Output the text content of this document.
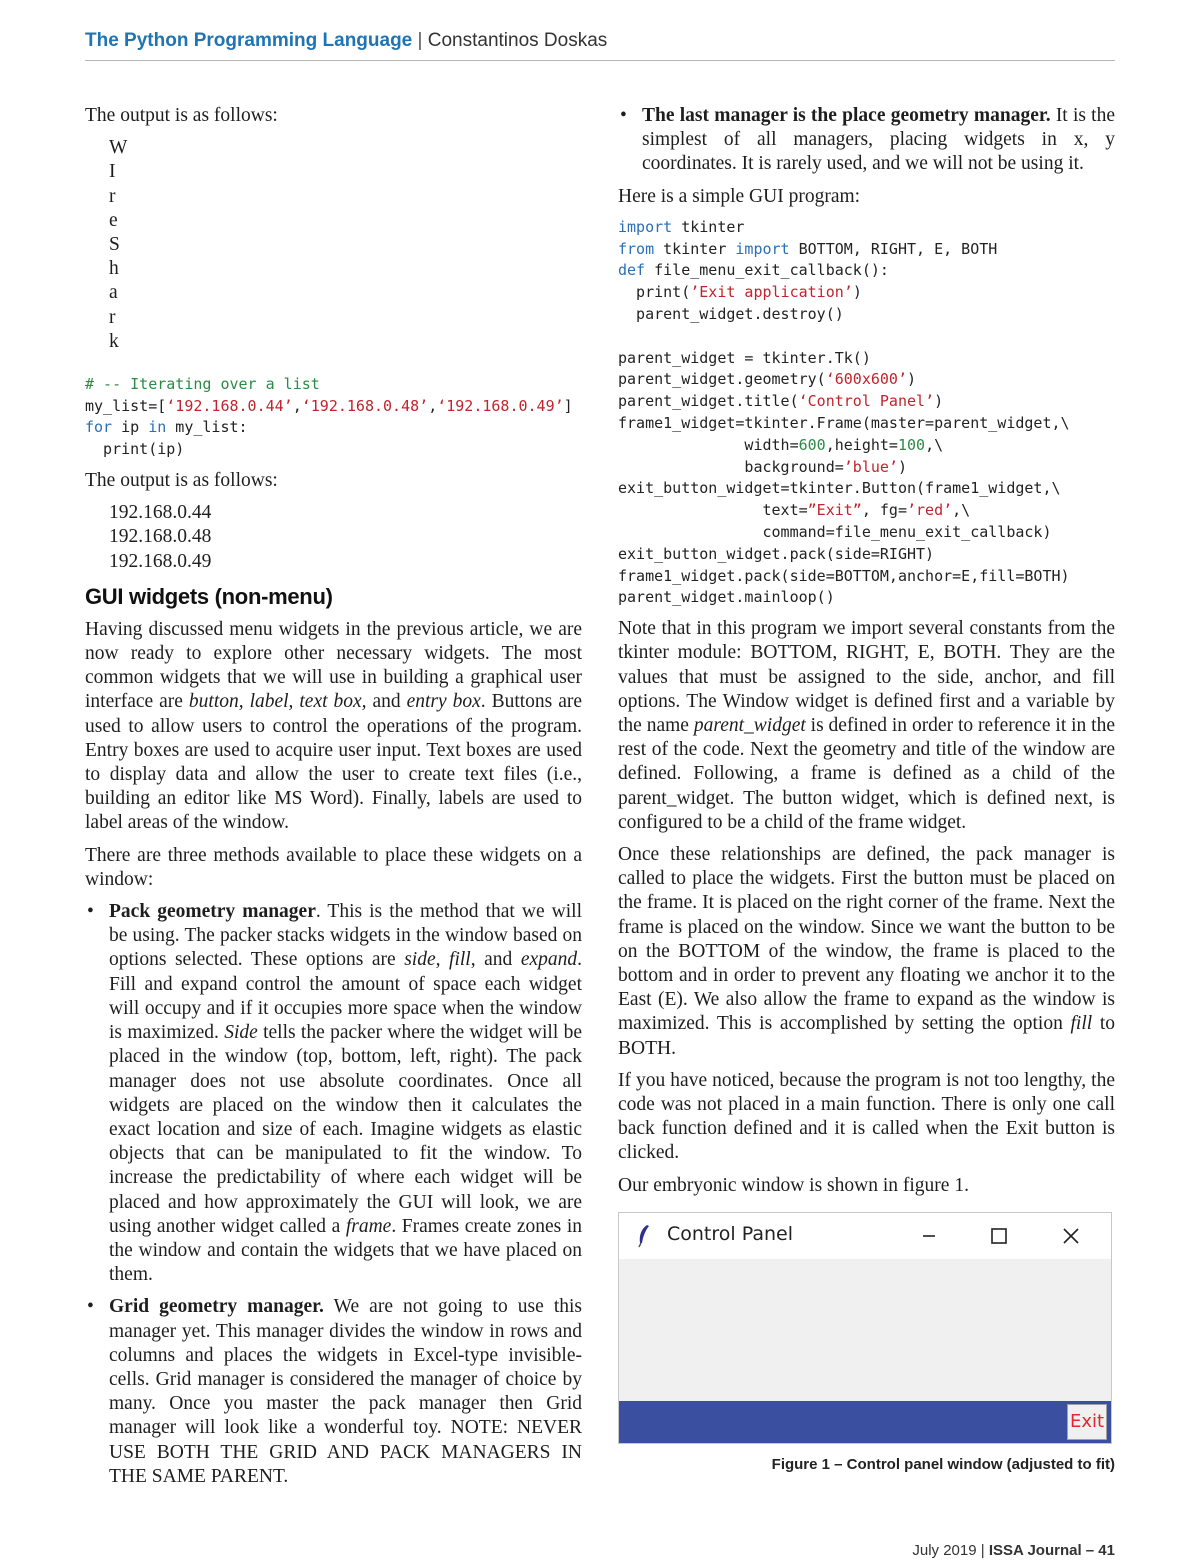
The Python Programming Language | Constantinos Doskas

The output is as follows:

W
I
r
e
S
h
a
r
k
# -- Iterating over a list
my_list=[‘192.168.0.44’,‘192.168.0.48’,‘192.168.0.49’]
for ip in my_list:
print(ip)

The output is as follows:

192.168.0.44
192.168.0.48
192.168.0.49
GUI widgets (non-menu)

Having discussed menu widgets in the previous article, we are now ready to explore other necessary widgets. The most common widgets that we will use in building a graphical user interface are button, label, text box, and entry box. Buttons are used to allow users to control the operations of the program. Entry boxes are used to acquire user input. Text boxes are used to display data and allow the user to create text files (i.e., building an editor like MS Word). Finally, labels are used to label areas of the window.

There are three methods available to place these widgets on a window:

• Pack geometry manager. This is the method that we will be using. The packer stacks widgets in the window based on options selected. These options are side, fill, and expand. Fill and expand control the amount of space each widget will occupy and if it occupies more space when the window is maximized. Side tells the packer where the widget will be placed in the window (top, bottom, left, right). The pack manager does not use absolute coordinates. Once all widgets are placed on the window then it calculates the exact location and size of each. Imagine widgets as elastic objects that can be manipulated to fit the window. To increase the predictability of where each widget will be placed and how approximately the GUI will look, we are using another widget called a frame. Frames create zones in the window and contain the widgets that we have placed on them.

• Grid geometry manager. We are not going to use this manager yet. This manager divides the window in rows and columns and places the widgets in Excel-type invisible-cells. Grid manager is considered the manager of choice by many. Once you master the pack manager then Grid manager will look like a wonderful toy. NOTE: NEVER USE BOTH THE GRID AND PACK MANAGERS IN THE SAME PARENT.

• The last manager is the place geometry manager. It is the simplest of all managers, placing widgets in x, y coordinates. It is rarely used, and we will not be using it.

Here is a simple GUI program:

import tkinter
from tkinter import BOTTOM, RIGHT, E, BOTH
def file_menu_exit_callback():
print(’Exit application’)
parent_widget.destroy()

parent_widget = tkinter.Tk()
parent_widget.geometry(‘600x600’)
parent_widget.title(‘Control Panel’)
frame1_widget=tkinter.Frame(master=parent_widget,\
width=600,height=100,\
background=’blue’)
exit_button_widget=tkinter.Button(frame1_widget,\
text=”Exit”, fg=’red’,\
command=file_menu_exit_callback)
exit_button_widget.pack(side=RIGHT)
frame1_widget.pack(side=BOTTOM,anchor=E,fill=BOTH)
parent_widget.mainloop()

Note that in this program we import several constants from the tkinter module: BOTTOM, RIGHT, E, BOTH. They are the values that must be assigned to the side, anchor, and fill options. The Window widget is defined first and a variable by the name parent_widget is defined in order to reference it in the rest of the code. Next the geometry and title of the window are defined. Following, a frame is defined as a child of the parent_widget. The button widget, which is defined next, is configured to be a child of the frame widget.

Once these relationships are defined, the pack manager is called to place the widgets. First the button must be placed on the frame. It is placed on the right corner of the frame. Next the frame is placed on the window. Since we want the button to be on the BOTTOM of the window, the frame is placed to the bottom and in order to prevent any floating we anchor it to the East (E). We also allow the frame to expand as the window is maximized. This is accomplished by setting the option fill to BOTH.

If you have noticed, because the program is not too lengthy, the code was not placed in a main function. There is only one call back function defined and it is called when the Exit button is clicked.

Our embryonic window is shown in figure 1.

Control Panel
Exit
Figure 1 – Control panel window (adjusted to fit)
July 2019 | ISSA Journal – 41
